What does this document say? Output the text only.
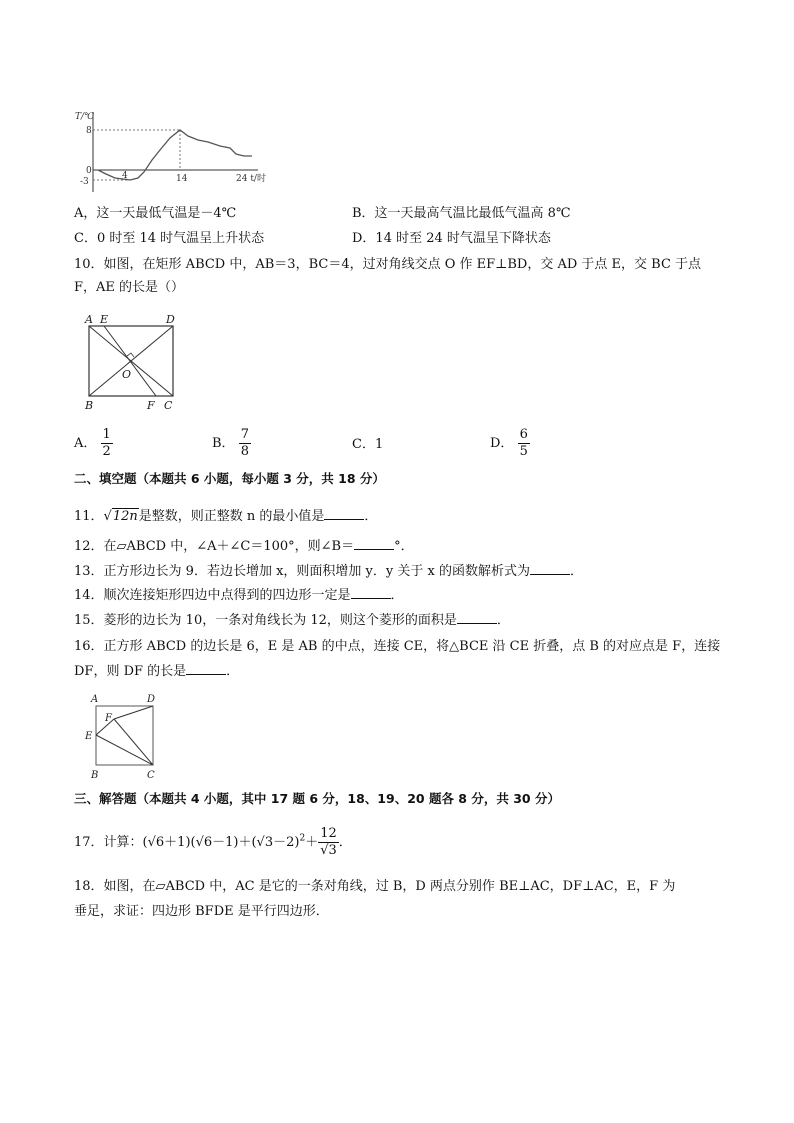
T/℃
8
0
-3
4	14	24 t/时
A，这一天最低气温是－4℃	B．这一天最高气温比最低气温高 8℃
C．0 时至 14 时气温呈上升状态	D．14 时至 24 时气温呈下降状态
10．如图，在矩形 ABCD 中，AB＝3，BC＝4，过对角线交点 O 作 EF⊥BD，交 AD 于点 E，交 BC 于点
F，AE 的长是（）
A E	D
O
B	F C
A． $\frac{1}{2}$	B． $\frac{7}{8}$	C．1	D． $\frac{6}{5}$
二、填空题（本题共 6 小题，每小题 3 分，共 18 分）
11．√12n是整数，则正整数 n 的最小值是	．
12．在▱ABCD 中，∠A＋∠C＝100°，则∠B＝	°．
13．正方形边长为 9．若边长增加 x，则面积增加 y．y 关于 x 的函数解析式为	．
14．顺次连接矩形四边中点得到的四边形一定是	．
15．菱形的边长为 10，一条对角线长为 12，则这个菱形的面积是	．
16．正方形 ABCD 的边长是 6，E 是 AB 的中点，连接 CE，将△BCE 沿 CE 折叠，点 B 的对应点是 F，连接
DF，则 DF 的长是	．
A	D
F
E
B	C
三、解答题（本题共 4 小题，其中 17 题 6 分，18、19、20 题各 8 分，共 30 分）
17．计算：$(√6+1)(√6-1)+(√3-2)^2+ \frac{12}{√3}$ ．
18．如图，在▱ABCD 中，AC 是它的一条对角线，过 B，D 两点分别作 BE⊥AC，DF⊥AC，E，F 为
垂足，求证：四边形 BFDE 是平行四边形．
